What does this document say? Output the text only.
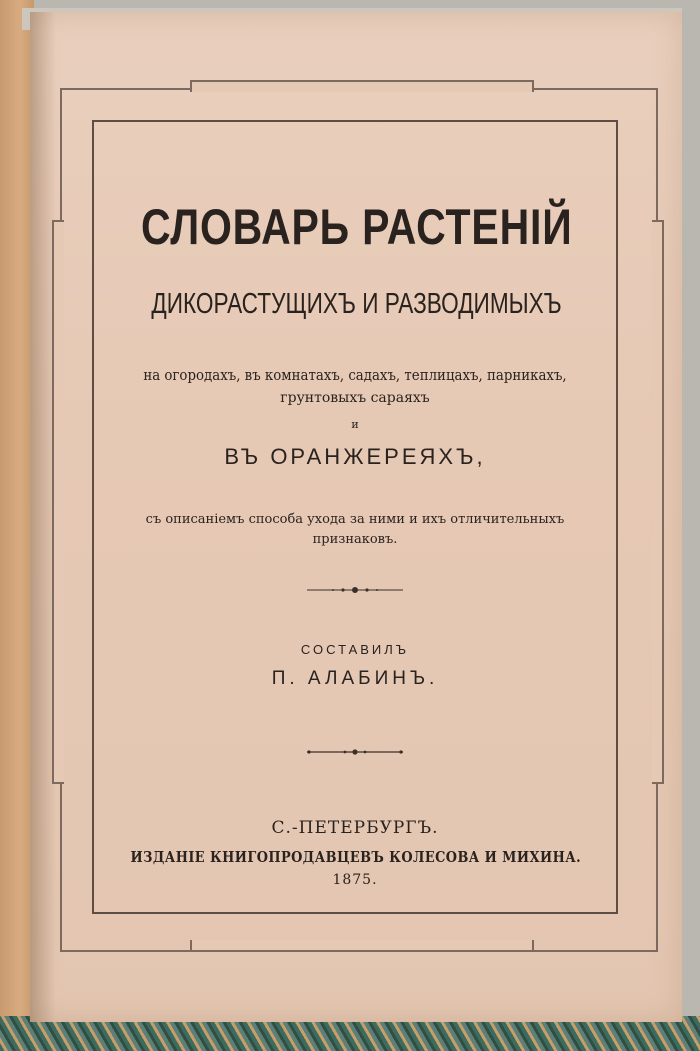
СЛОВАРЬ РАСТЕНІЙ
ДИКОРАСТУЩИХЪ И РАЗВОДИМЫХЪ
на огородахъ, въ комнатахъ, садахъ, теплицахъ, парникахъ,
грунтовыхъ сараяхъ
и
ВЪ ОРАНЖЕРЕЯХЪ,
съ описаніемъ способа ухода за ними и ихъ отличительныхъ
признаковъ.
СОСТАВИЛЪ
П. АЛАБИНЪ.
С.-ПЕТЕРБУРГЪ.
ИЗДАНІЕ КНИГОПРОДАВЦЕВЪ КОЛЕСОВА И МИХИНА.
1875.
